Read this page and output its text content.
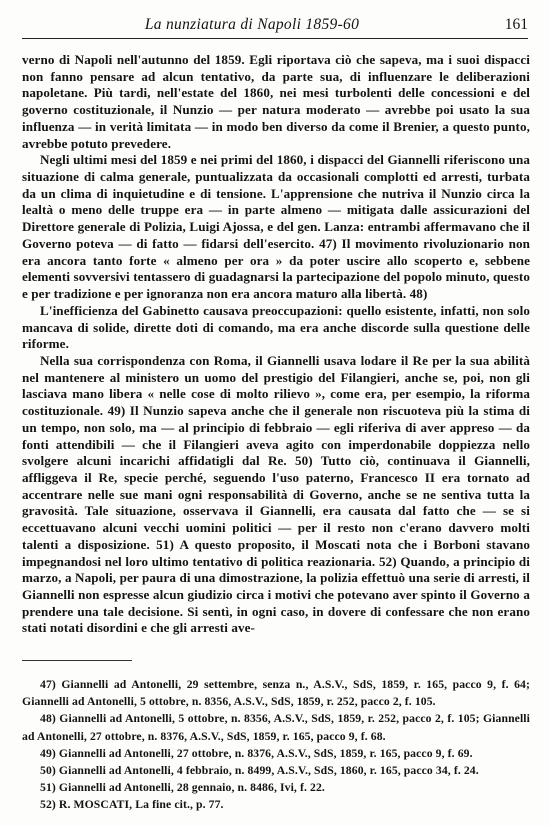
La nunziatura di Napoli 1859-60	161

verno di Napoli nell'autunno del 1859. Egli riportava ciò che sapeva, ma i suoi dispacci non fanno pensare ad alcun tentativo, da parte sua, di influenzare le deliberazioni napoletane. Più tardi, nell'estate del 1860, nei mesi turbolenti delle concessioni e del governo costituzionale, il Nunzio — per natura moderato — avrebbe poi usato la sua influenza — in verità limitata — in modo ben diverso da come il Brenier, a questo punto, avrebbe potuto prevedere.

Negli ultimi mesi del 1859 e nei primi del 1860, i dispacci del Giannelli riferiscono una situazione di calma generale, puntualizzata da occasionali complotti ed arresti, turbata da un clima di inquietudine e di tensione. L'apprensione che nutriva il Nunzio circa la lealtà o meno delle truppe era — in parte almeno — mitigata dalle assicurazioni del Direttore generale di Polizia, Luigi Ajossa, e del gen. Lanza: entrambi affermavano che il Governo poteva — di fatto — fidarsi dell'esercito. 47) Il movimento rivoluzionario non era ancora tanto forte « almeno per ora » da poter uscire allo scoperto e, sebbene elementi sovversivi tentassero di guadagnarsi la partecipazione del popolo minuto, questo e per tradizione e per ignoranza non era ancora maturo alla libertà. 48)

L'inefficienza del Gabinetto causava preoccupazioni: quello esistente, infatti, non solo mancava di solide, dirette doti di comando, ma era anche discorde sulla questione delle riforme.

Nella sua corrispondenza con Roma, il Giannelli usava lodare il Re per la sua abilità nel mantenere al ministero un uomo del prestigio del Filangieri, anche se, poi, non gli lasciava mano libera « nelle cose di molto rilievo », come era, per esempio, la riforma costituzionale. 49) Il Nunzio sapeva anche che il generale non riscuoteva più la stima di un tempo, non solo, ma — al principio di febbraio — egli riferiva di aver appreso — da fonti attendibili — che il Filangieri aveva agito con imperdonabile doppiezza nello svolgere alcuni incarichi affidatigli dal Re. 50) Tutto ciò, continuava il Giannelli, affliggeva il Re, specie perché, seguendo l'uso paterno, Francesco II era tornato ad accentrare nelle sue mani ogni responsabilità di Governo, anche se ne sentiva tutta la gravosità. Tale situazione, osservava il Giannelli, era causata dal fatto che — se si eccettuavano alcuni vecchi uomini politici — per il resto non c'erano davvero molti talenti a disposizione. 51) A questo proposito, il Moscati nota che i Borboni stavano impegnandosi nel loro ultimo tentativo di politica reazionaria. 52) Quando, a principio di marzo, a Napoli, per paura di una dimostrazione, la polizia effettuò una serie di arresti, il Giannelli non espresse alcun giudizio circa i motivi che potevano aver spinto il Governo a prendere una tale decisione. Si sentì, in ogni caso, in dovere di confessare che non erano stati notati disordini e che gli arresti ave-

47) Giannelli ad Antonelli, 29 settembre, senza n., A.S.V., SdS, 1859, r. 165, pacco 9, f. 64; Giannelli ad Antonelli, 5 ottobre, n. 8356, A.S.V., SdS, 1859, r. 252, pacco 2, f. 105.

48) Giannelli ad Antonelli, 5 ottobre, n. 8356, A.S.V., SdS, 1859, r. 252, pacco 2, f. 105; Giannelli ad Antonelli, 27 ottobre, n. 8376, A.S.V., SdS, 1859, r. 165, pacco 9, f. 68.

49) Giannelli ad Antonelli, 27 ottobre, n. 8376, A.S.V., SdS, 1859, r. 165, pacco 9, f. 69.

50) Giannelli ad Antonelli, 4 febbraio, n. 8499, A.S.V., SdS, 1860, r. 165, pacco 34, f. 24.

51) Giannelli ad Antonelli, 28 gennaio, n. 8486, Ivi, f. 22.

52) R. MOSCATI, La fine cit., p. 77.
